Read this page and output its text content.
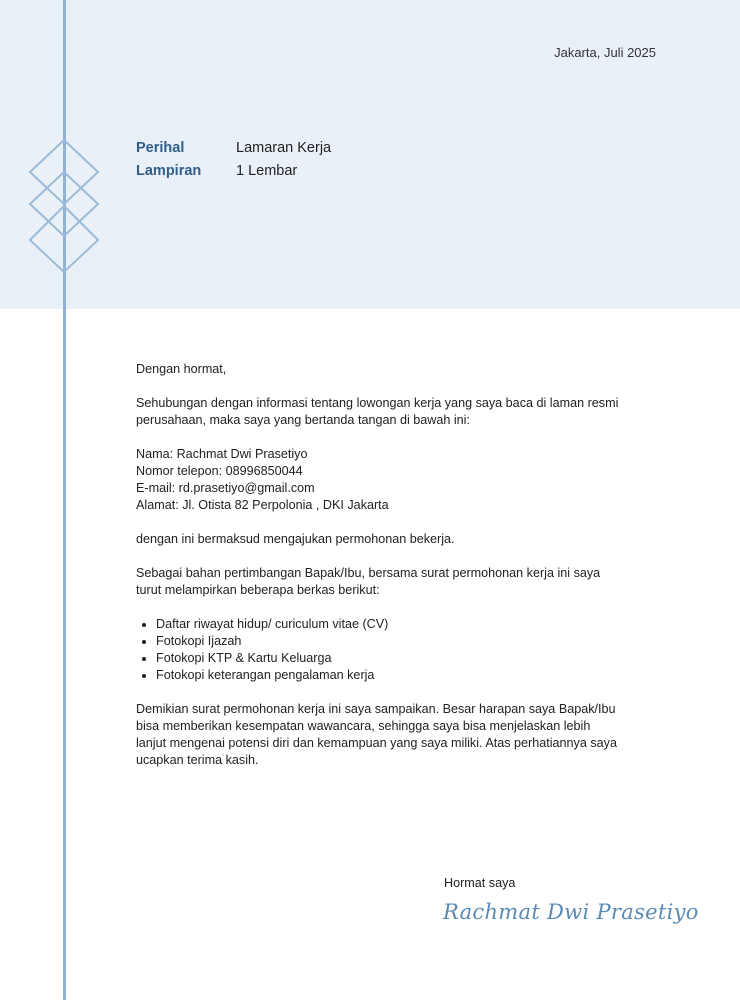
Jakarta, Juli 2025
Perihal	Lamaran Kerja
Lampiran	1 Lembar

Dengan hormat,

Sehubungan dengan informasi tentang lowongan kerja yang saya baca di laman resmi
perusahaan, maka saya yang bertanda tangan di bawah ini:

Nama: Rachmat Dwi Prasetiyo
Nomor telepon: 08996850044
E-mail: rd.prasetiyo@gmail.com
Alamat: Jl. Otista 82 Perpolonia , DKI Jakarta

dengan ini bermaksud mengajukan permohonan bekerja.

Sebagai bahan pertimbangan Bapak/Ibu, bersama surat permohonan kerja ini saya
turut melampirkan beberapa berkas berikut:

• Daftar riwayat hidup/ curiculum vitae (CV)
• Fotokopi Ijazah
• Fotokopi KTP & Kartu Keluarga
• Fotokopi keterangan pengalaman kerja

Demikian surat permohonan kerja ini saya sampaikan. Besar harapan saya Bapak/Ibu
bisa memberikan kesempatan wawancara, sehingga saya bisa menjelaskan lebih
lanjut mengenai potensi diri dan kemampuan yang saya miliki. Atas perhatiannya saya
ucapkan terima kasih.

Hormat saya
Rachmat Dwi Prasetiyo
